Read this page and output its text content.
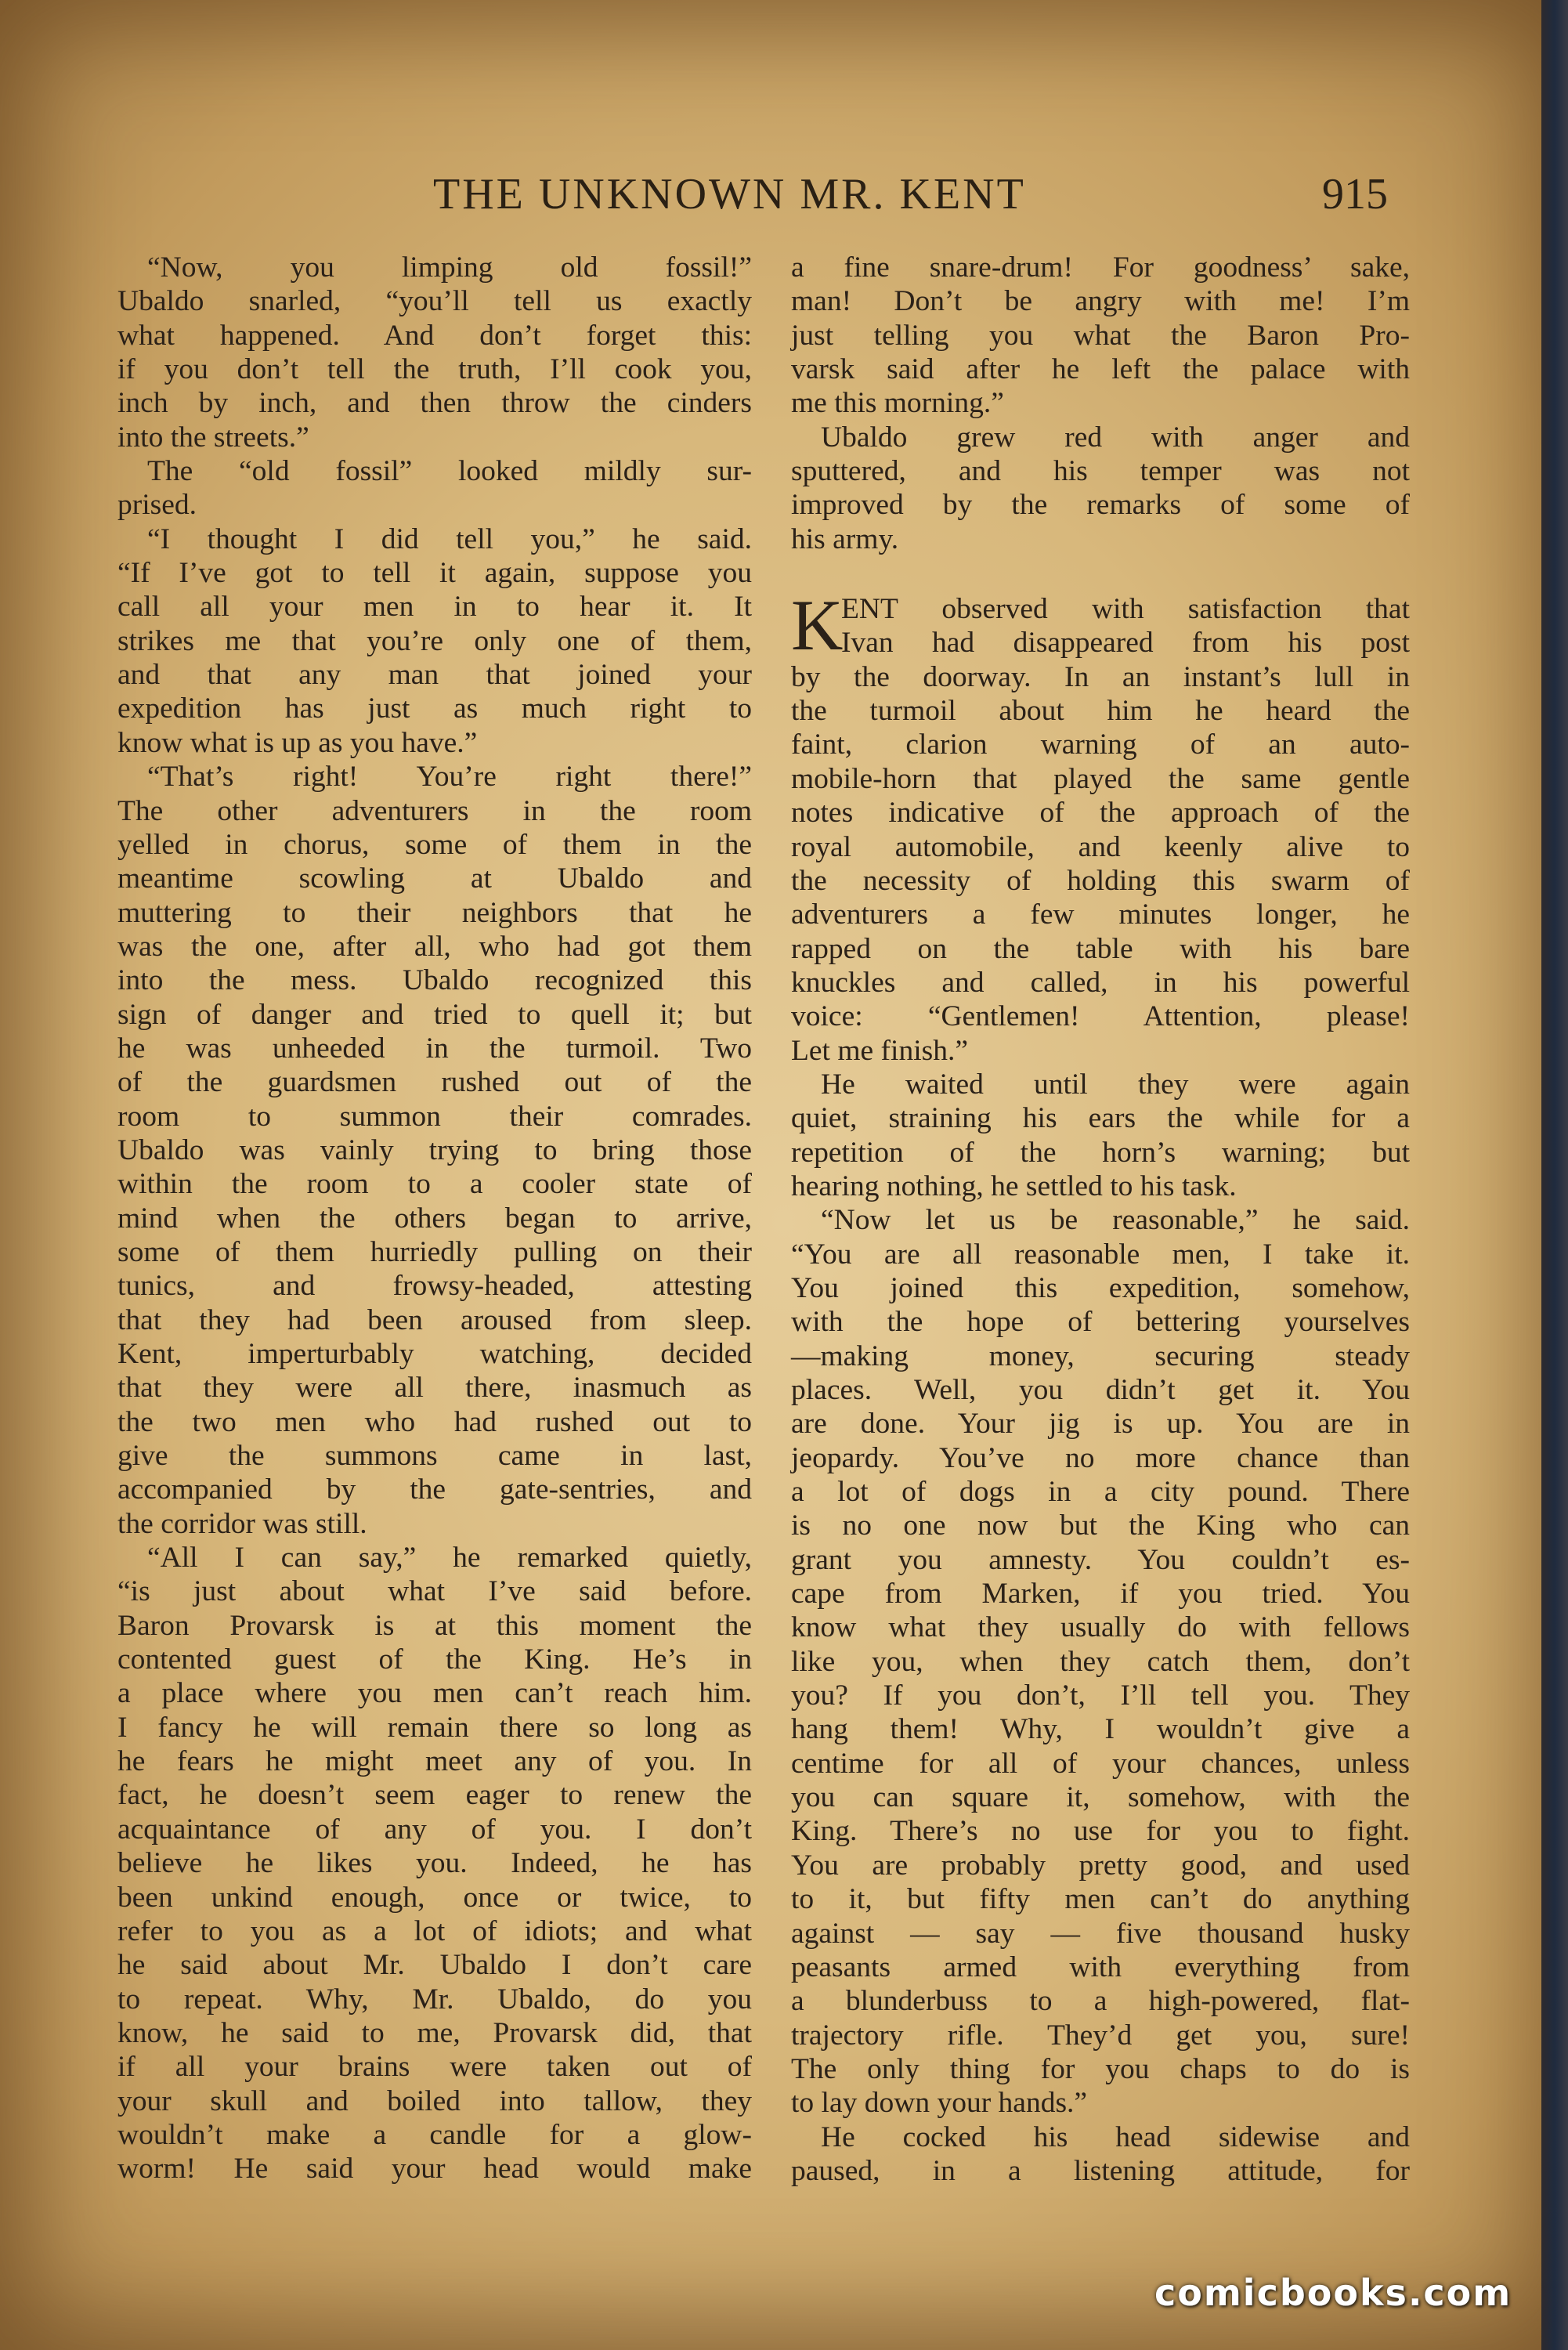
THE UNKNOWN MR. KENT	915
“Now, you limping old fossil!”
Ubaldo snarled, “you’ll tell us exactly
what happened. And don’t forget this:
if you don’t tell the truth, I’ll cook you,
inch by inch, and then throw the cinders
into the streets.”
The “old fossil” looked mildly sur-
prised.
“I thought I did tell you,” he said.
“If I’ve got to tell it again, suppose you
call all your men in to hear it. It
strikes me that you’re only one of them,
and that any man that joined your
expedition has just as much right to
know what is up as you have.”
“That’s right! You’re right there!”
The other adventurers in the room
yelled in chorus, some of them in the
meantime scowling at Ubaldo and
muttering to their neighbors that he
was the one, after all, who had got them
into the mess. Ubaldo recognized this
sign of danger and tried to quell it; but
he was unheeded in the turmoil. Two
of the guardsmen rushed out of the
room to summon their comrades.
Ubaldo was vainly trying to bring those
within the room to a cooler state of
mind when the others began to arrive,
some of them hurriedly pulling on their
tunics, and frowsy-headed, attesting
that they had been aroused from sleep.
Kent, imperturbably watching, decided
that they were all there, inasmuch as
the two men who had rushed out to
give the summons came in last,
accompanied by the gate-sentries, and
the corridor was still.
“All I can say,” he remarked quietly,
“is just about what I’ve said before.
Baron Provarsk is at this moment the
contented guest of the King. He’s in
a place where you men can’t reach him.
I fancy he will remain there so long as
he fears he might meet any of you. In
fact, he doesn’t seem eager to renew the
acquaintance of any of you. I don’t
believe he likes you. Indeed, he has
been unkind enough, once or twice, to
refer to you as a lot of idiots; and what
he said about Mr. Ubaldo I don’t care
to repeat. Why, Mr. Ubaldo, do you
know, he said to me, Provarsk did, that
if all your brains were taken out of
your skull and boiled into tallow, they
wouldn’t make a candle for a glow-
worm! He said your head would make
a fine snare-drum! For goodness’ sake,
man! Don’t be angry with me! I’m
just telling you what the Baron Pro-
varsk said after he left the palace with
me this morning.”
Ubaldo grew red with anger and
sputtered, and his temper was not
improved by the remarks of some of
his army.
K
ENT observed with satisfaction that
Ivan had disappeared from his post
by the doorway. In an instant’s lull in
the turmoil about him he heard the
faint, clarion warning of an auto-
mobile-horn that played the same gentle
notes indicative of the approach of the
royal automobile, and keenly alive to
the necessity of holding this swarm of
adventurers a few minutes longer, he
rapped on the table with his bare
knuckles and called, in his powerful
voice: “Gentlemen! Attention, please!
Let me finish.”
He waited until they were again
quiet, straining his ears the while for a
repetition of the horn’s warning; but
hearing nothing, he settled to his task.
“Now let us be reasonable,” he said.
“You are all reasonable men, I take it.
You joined this expedition, somehow,
with the hope of bettering yourselves
—making money, securing steady
places. Well, you didn’t get it. You
are done. Your jig is up. You are in
jeopardy. You’ve no more chance than
a lot of dogs in a city pound. There
is no one now but the King who can
grant you amnesty. You couldn’t es-
cape from Marken, if you tried. You
know what they usually do with fellows
like you, when they catch them, don’t
you? If you don’t, I’ll tell you. They
hang them! Why, I wouldn’t give a
centime for all of your chances, unless
you can square it, somehow, with the
King. There’s no use for you to fight.
You are probably pretty good, and used
to it, but fifty men can’t do anything
against — say — five thousand husky
peasants armed with everything from
a blunderbuss to a high-powered, flat-
trajectory rifle. They’d get you, sure!
The only thing for you chaps to do is
to lay down your hands.”
He cocked his head sidewise and
paused, in a listening attitude, for
comicbooks.com
